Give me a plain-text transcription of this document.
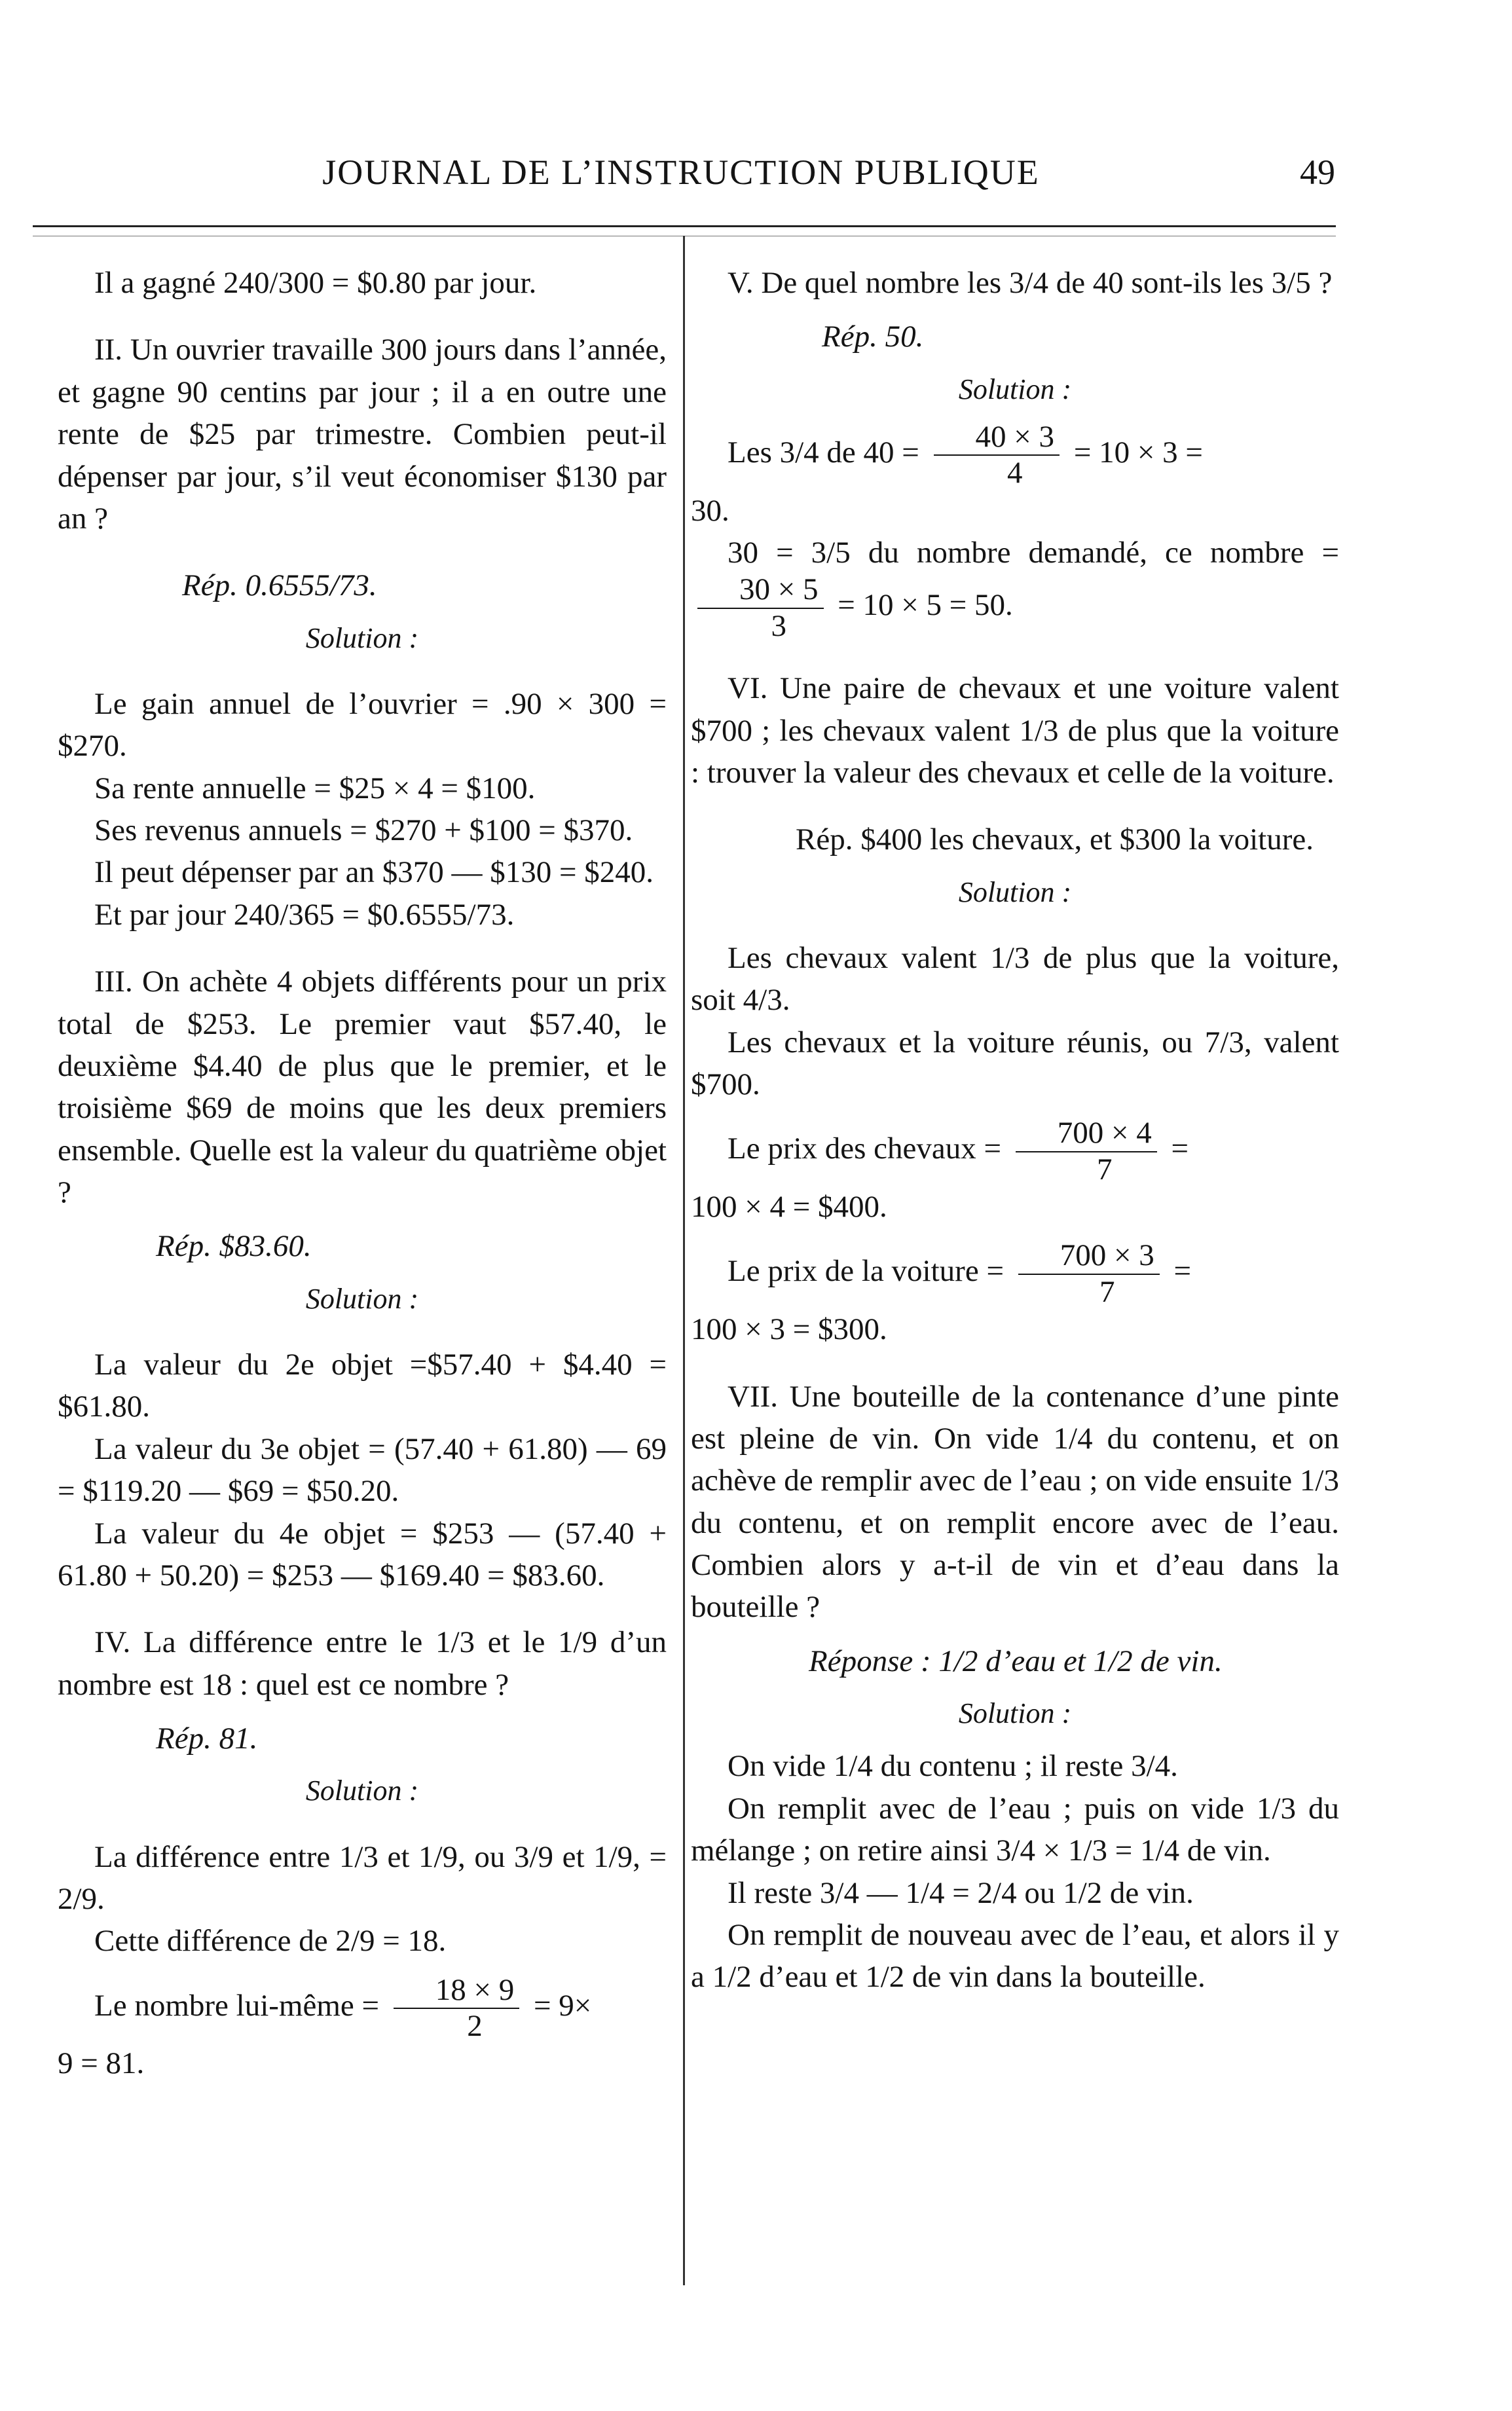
JOURNAL DE L’INSTRUCTION PUBLIQUE	49

Il a gagné 240/300 = $0.80 par jour.

II. Un ouvrier travaille 300 jours dans l’année, et gagne 90 centins par jour ; il a en outre une rente de $25 par trimestre. Combien peut-il dépenser par jour, s’il veut économiser $130 par an ?

Rép. 0.6555/73.

Solution :

Le gain annuel de l’ouvrier = .90 × 300 = $270.

Sa rente annuelle = $25 × 4 = $100.

Ses revenus annuels = $270 + $100 = $370.

Il peut dépenser par an $370 — $130 = $240.

Et par jour 240/365 = $0.6555/73.

III. On achète 4 objets différents pour un prix total de $253. Le premier vaut $57.40, le deuxième $4.40 de plus que le premier, et le troisième $69 de moins que les deux premiers ensemble. Quelle est la valeur du quatrième objet ?

Rép. $83.60.

Solution :

La valeur du 2e objet =$57.40 + $4.40 = $61.80.

La valeur du 3e objet = (57.40 + 61.80) — 69 = $119.20 — $69 = $50.20.

La valeur du 4e objet = $253 — (57.40 + 61.80 + 50.20) = $253 — $169.40 = $83.60.

IV. La différence entre le 1/3 et le 1/9 d’un nombre est 18 : quel est ce nombre ?

Rép. 81.

Solution :

La différence entre 1/3 et 1/9, ou 3/9 et 1/9, = 2/9.

Cette différence de 2/9 = 18.

Le nombre lui-même = $\frac{18 \times 9}{2} = 9\times$

9 = 81.

V. De quel nombre les 3/4 de 40 sont-ils les 3/5 ?

Rép. 50.

Solution :

Les 3/4 de $40 = \frac{40 \times 3}{4} = 10 \times 3$ =

30.

30 = 3/5 du nombre demandé, ce nombre =
$\frac{30 \times 5}{3} = 10 \times 5 = 50$.

VI. Une paire de chevaux et une voiture valent $700 ; les chevaux valent 1/3 de plus que la voiture : trouver la valeur des chevaux et celle de la voiture.

Rép. $400 les chevaux, et $300 la voiture.

Solution :

Les chevaux valent 1/3 de plus que la voiture, soit 4/3.

Les chevaux et la voiture réunis, ou 7/3, valent $700.

Le prix des chevaux = $\frac{700 \times 4}{7}$ =

100 × 4 = $400.

Le prix de la voiture = $\frac{700 \times 3}{7}$ =

100 × 3 = $300.

VII. Une bouteille de la contenance d’une pinte est pleine de vin. On vide 1/4 du contenu, et on achève de remplir avec de l’eau ; on vide ensuite 1/3 du contenu, et on remplit encore avec de l’eau. Combien alors y a-t-il de vin et d’eau dans la bouteille ?

Réponse : 1/2 d’eau et 1/2 de vin.

Solution :

On vide 1/4 du contenu ; il reste 3/4.

On remplit avec de l’eau ; puis on vide 1/3 du mélange ; on retire ainsi 3/4 × 1/3 = 1/4 de vin.

Il reste 3/4 — 1/4 = 2/4 ou 1/2 de vin.

On remplit de nouveau avec de l’eau, et alors il y a 1/2 d’eau et 1/2 de vin dans la bouteille.
